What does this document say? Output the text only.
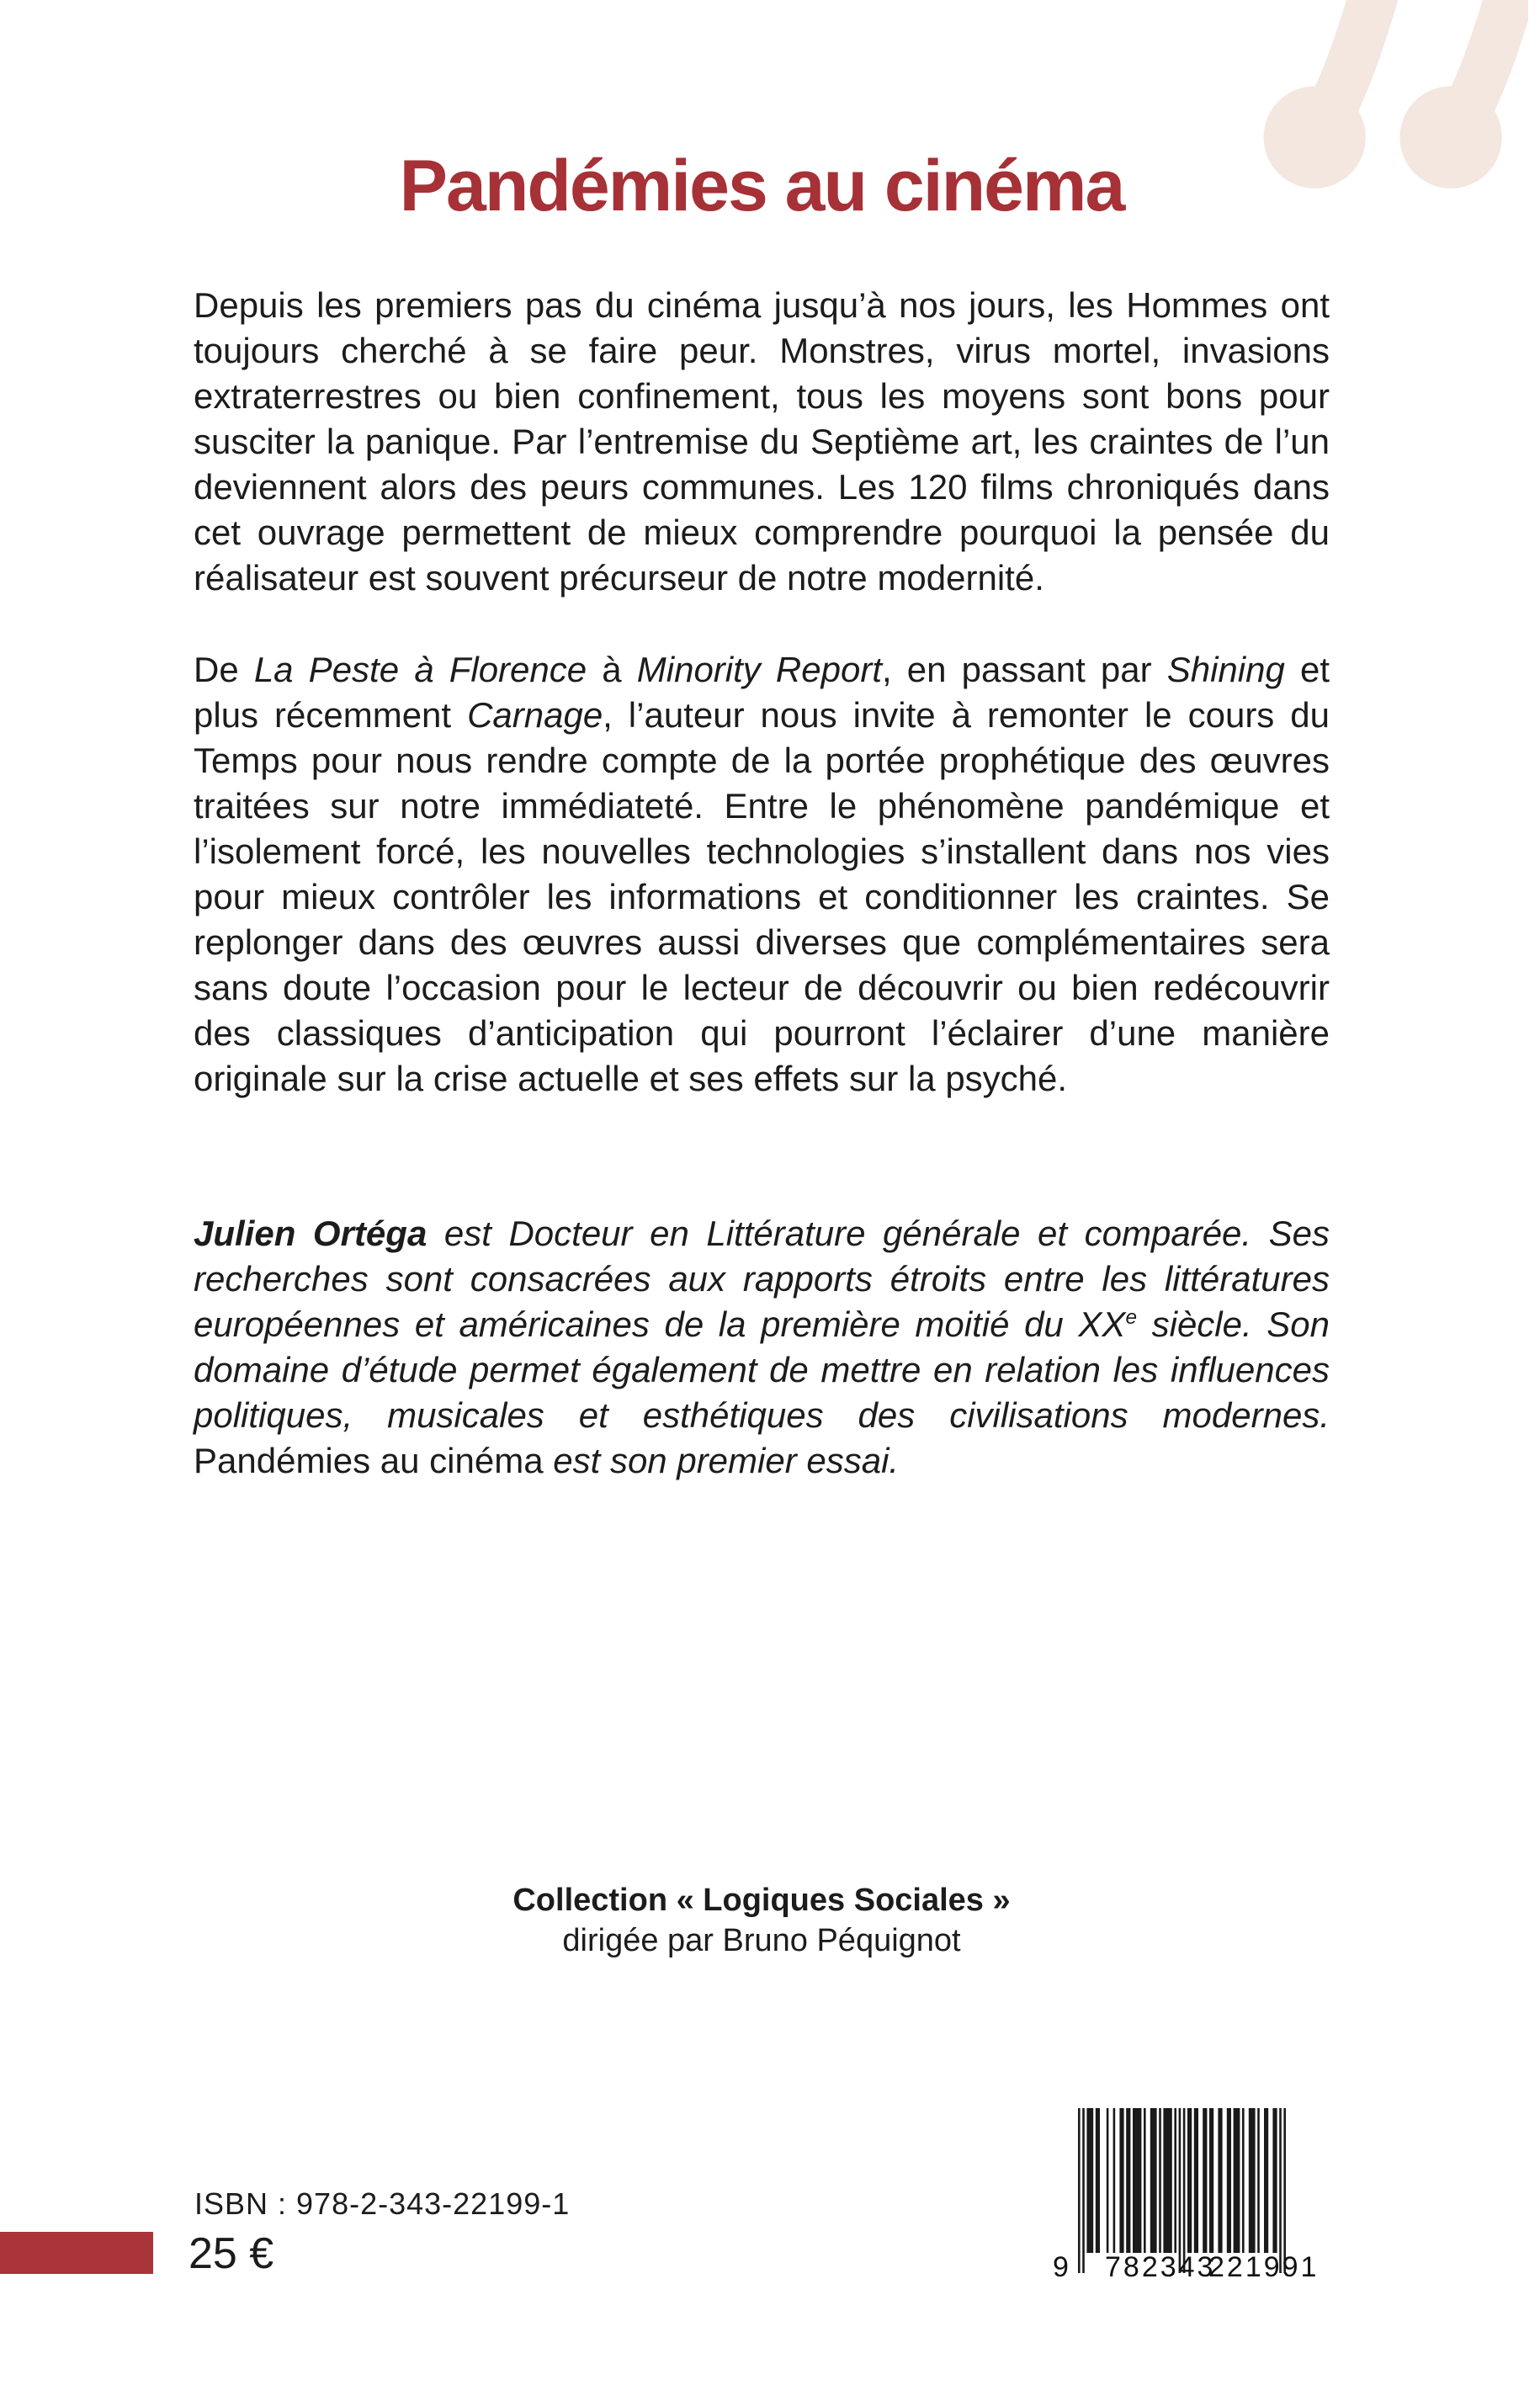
Pandémies au cinéma

Depuis les premiers pas du cinéma jusqu’à nos jours, les Hommes ont toujours cherché à se faire peur. Monstres, virus mortel, invasions extraterrestres ou bien confinement, tous les moyens sont bons pour susciter la panique. Par l’entremise du Septième art, les craintes de l’un deviennent alors des peurs communes. Les 120 films chroniqués dans cet ouvrage permettent de mieux comprendre pourquoi la pensée du réalisateur est souvent précurseur de notre modernité.

De La Peste à Florence à Minority Report, en passant par Shining et plus récemment Carnage, l’auteur nous invite à remonter le cours du Temps pour nous rendre compte de la portée prophétique des œuvres traitées sur notre immédiateté. Entre le phénomène pandémique et l’isolement forcé, les nouvelles technologies s’installent dans nos vies pour mieux contrôler les informations et conditionner les craintes. Se replonger dans des œuvres aussi diverses que complémentaires sera sans doute l’occasion pour le lecteur de découvrir ou bien redécouvrir des classiques d’anticipation qui pourront l’éclairer d’une manière originale sur la crise actuelle et ses effets sur la psyché.

Julien Ortéga est Docteur en Littérature générale et comparée. Ses recherches sont consacrées aux rapports étroits entre les littératures européennes et américaines de la première moitié du XXe siècle. Son domaine d’étude permet également de mettre en relation les influences politiques, musicales et esthétiques des civilisations modernes. Pandémies au cinéma est son premier essai.

Collection « Logiques Sociales »
dirigée par Bruno Péquignot
ISBN : 978-2-343-22199-1
25 €	9 782343
221991
